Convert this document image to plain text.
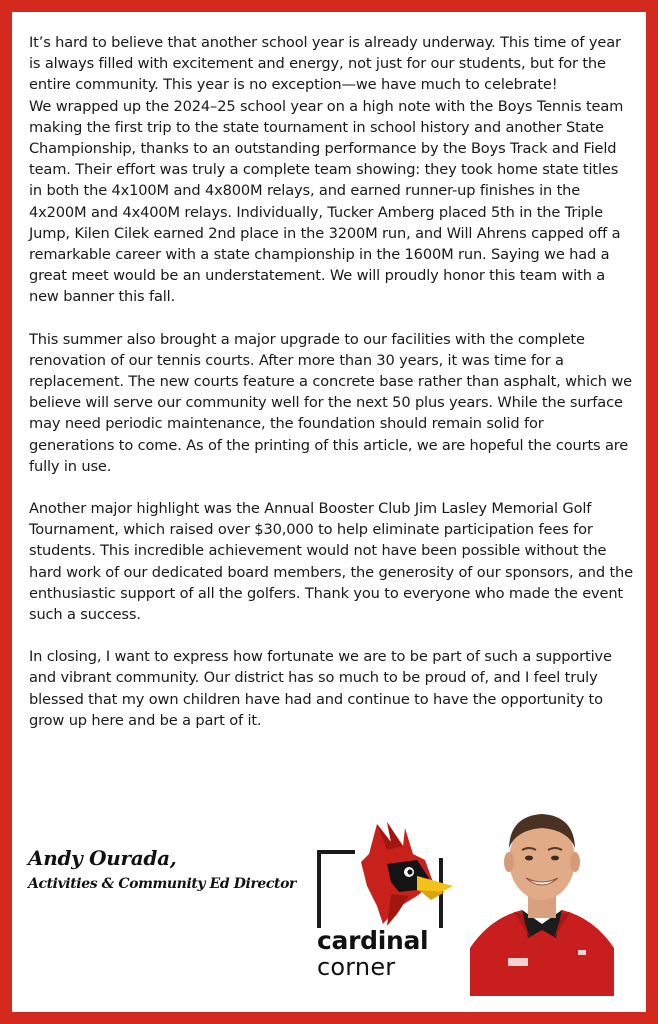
It’s hard to believe that another school year is already underway. This time of year is always filled with excitement and energy, not just for our students, but for the entire community. This year is no exception—we have much to celebrate!

We wrapped up the 2024–25 school year on a high note with the Boys Tennis team making the first trip to the state tournament in school history and another State Championship, thanks to an outstanding performance by the Boys Track and Field team. Their effort was truly a complete team showing: they took home state titles in both the 4x100M and 4x800M relays, and earned runner-up finishes in the 4x200M and 4x400M relays. Individually, Tucker Amberg placed 5th in the Triple Jump, Kilen Cilek earned 2nd place in the 3200M run, and Will Ahrens capped off a remarkable career with a state championship in the 1600M run. Saying we had a great meet would be an understatement. We will proudly honor this team with a new banner this fall.

This summer also brought a major upgrade to our facilities with the complete renovation of our tennis courts. After more than 30 years, it was time for a replacement. The new courts feature a concrete base rather than asphalt, which we believe will serve our community well for the next 50 plus years. While the surface may need periodic maintenance, the foundation should remain solid for generations to come. As of the printing of this article, we are hopeful the courts are fully in use.

Another major highlight was the Annual Booster Club Jim Lasley Memorial Golf Tournament, which raised over $30,000 to help eliminate participation fees for students. This incredible achievement would not have been possible without the hard work of our dedicated board members, the generosity of our sponsors, and the enthusiastic support of all the golfers. Thank you to everyone who made the event such a success.

In closing, I want to express how fortunate we are to be part of such a supportive and vibrant community. Our district has so much to be proud of, and I feel truly blessed that my own children have had and continue to have the opportunity to grow up here and be a part of it.

Andy Ourada,
Activities & Community Ed Director
cardinal
corner
